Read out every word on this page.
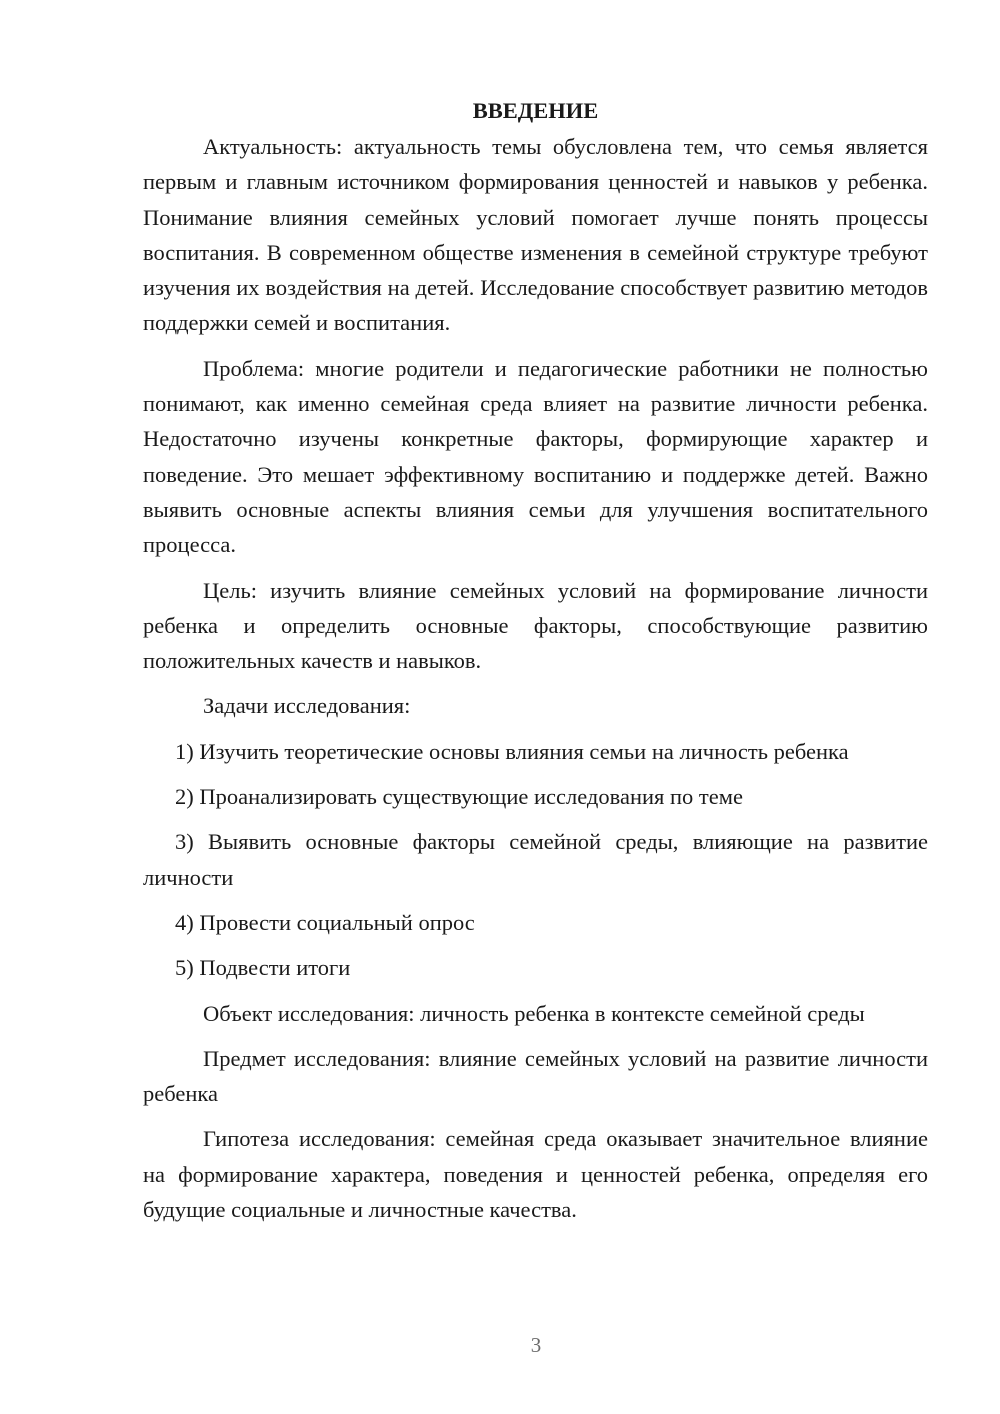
ВВЕДЕНИЕ

Актуальность: актуальность темы обусловлена тем, что семья является первым и главным источником формирования ценностей и навыков у ребенка. Понимание влияния семейных условий помогает лучше понять процессы воспитания. В современном обществе изменения в семейной структуре требуют изучения их воздействия на детей. Исследование способствует развитию методов поддержки семей и воспитания.

Проблема: многие родители и педагогические работники не полностью понимают, как именно семейная среда влияет на развитие личности ребенка. Недостаточно изучены конкретные факторы, формирующие характер и поведение. Это мешает эффективному воспитанию и поддержке детей. Важно выявить основные аспекты влияния семьи для улучшения воспитательного процесса.

Цель: изучить влияние семейных условий на формирование личности ребенка и определить основные факторы, способствующие развитию положительных качеств и навыков.

Задачи исследования:

1) Изучить теоретические основы влияния семьи на личность ребенка

2) Проанализировать существующие исследования по теме

3) Выявить основные факторы семейной среды, влияющие на развитие личности

4) Провести социальный опрос

5) Подвести итоги

Объект исследования: личность ребенка в контексте семейной среды

Предмет исследования: влияние семейных условий на развитие личности ребенка

Гипотеза исследования: семейная среда оказывает значительное влияние на формирование характера, поведения и ценностей ребенка, определяя его будущие социальные и личностные качества.

3
